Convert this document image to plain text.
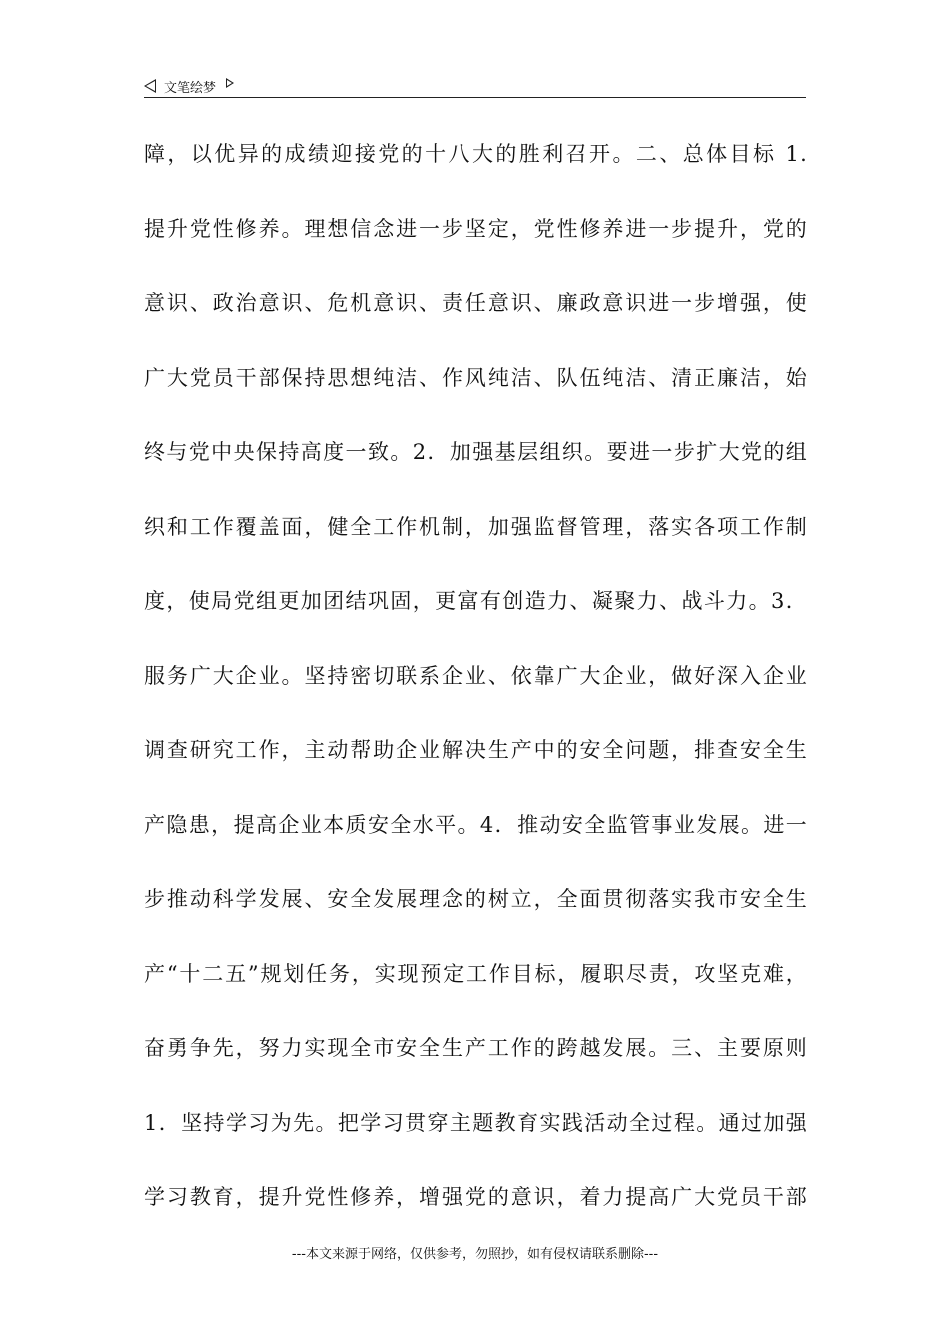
文笔绘梦
障，以优异的成绩迎接党的十八大的胜利召开。二、总体目标 1.
提升党性修养。理想信念进一步坚定，党性修养进一步提升，党的
意识、政治意识、危机意识、责任意识、廉政意识进一步增强，使
广大党员干部保持思想纯洁、作风纯洁、队伍纯洁、清正廉洁，始
终与党中央保持高度一致。2．加强基层组织。要进一步扩大党的组
织和工作覆盖面，健全工作机制，加强监督管理，落实各项工作制
度，使局党组更加团结巩固，更富有创造力、凝聚力、战斗力。3．
服务广大企业。坚持密切联系企业、依靠广大企业，做好深入企业
调查研究工作，主动帮助企业解决生产中的安全问题，排查安全生
产隐患，提高企业本质安全水平。4．推动安全监管事业发展。进一
步推动科学发展、安全发展理念的树立，全面贯彻落实我市安全生
产“十二五”规划任务，实现预定工作目标，履职尽责，攻坚克难，
奋勇争先，努力实现全市安全生产工作的跨越发展。三、主要原则
1．坚持学习为先。把学习贯穿主题教育实践活动全过程。通过加强
学习教育，提升党性修养，增强党的意识，着力提高广大党员干部
---本文来源于网络，仅供参考，勿照抄，如有侵权请联系删除---
